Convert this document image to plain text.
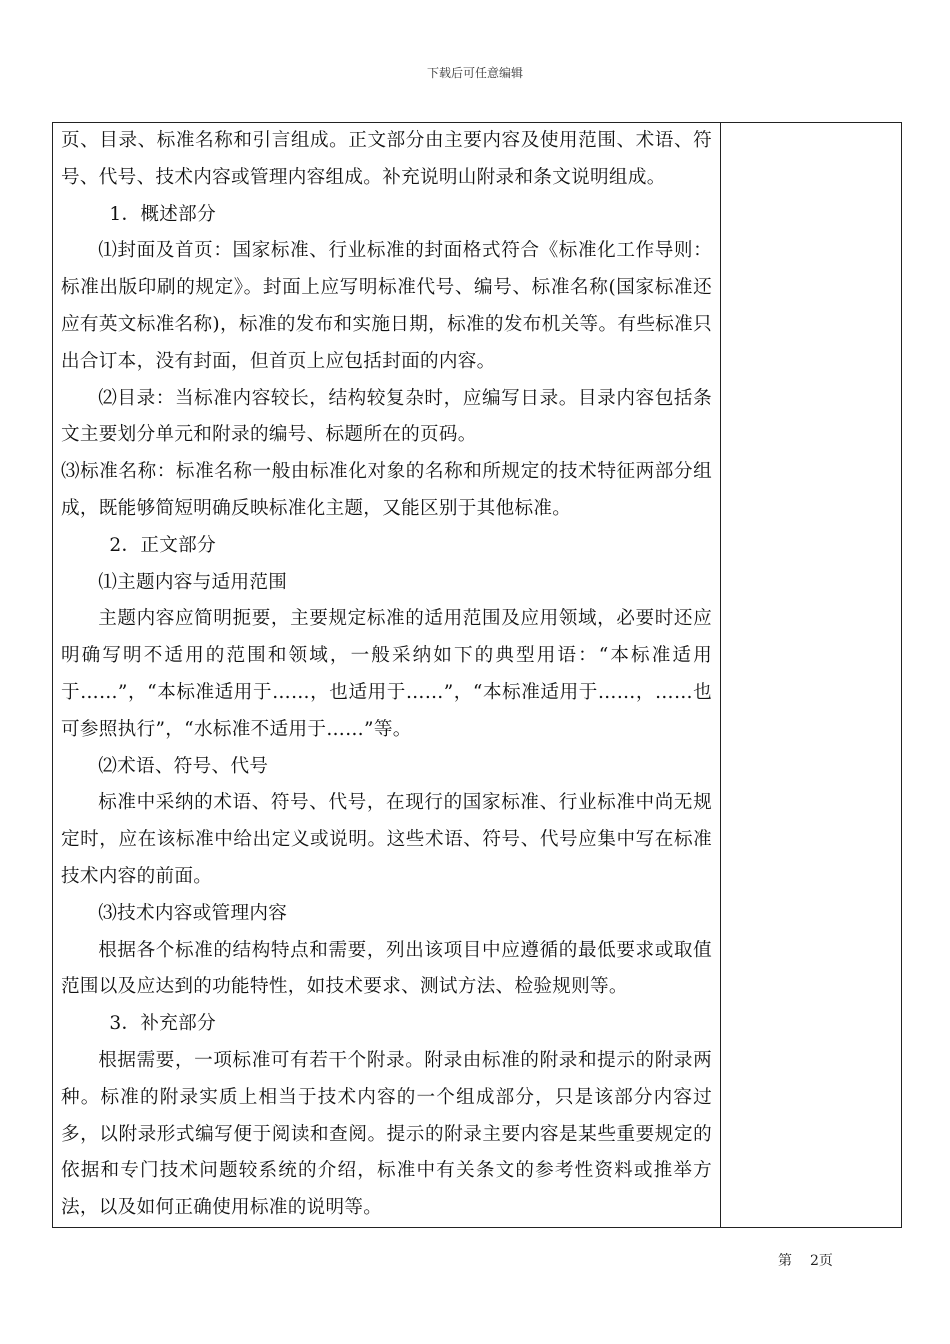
下载后可任意编辑

页、目录、标准名称和引言组成。正文部分由主要内容及使用范围、术语、符号、代号、技术内容或管理内容组成。补充说明山附录和条文说明组成。

1．概述部分

⑴封面及首页：国家标准、行业标准的封面格式符合《标准化工作导则：标准出版印刷的规定》。封面上应写明标准代号、编号、标准名称(国家标准还应有英文标准名称)，标准的发布和实施日期，标准的发布机关等。有些标准只出合订本，没有封面，但首页上应包括封面的内容。

⑵目录：当标准内容较长，结构较复杂时，应编写日录。目录内容包括条文主要划分单元和附录的编号、标题所在的页码。

⑶标准名称：标准名称一般由标准化对象的名称和所规定的技术特征两部分组成，既能够简短明确反映标准化主题，又能区别于其他标准。

2．正文部分

⑴主题内容与适用范围

主题内容应简明扼要，主要规定标准的适用范围及应用领域，必要时还应明确写明不适用的范围和领域，一般采纳如下的典型用语：“本标准适用于……”，“本标准适用于……，也适用于……”，“本标准适用于……，……也可参照执行”，“水标准不适用于……”等。

⑵术语、符号、代号

标准中采纳的术语、符号、代号，在现行的国家标准、行业标准中尚无规定时，应在该标准中给出定义或说明。这些术语、符号、代号应集中写在标准技术内容的前面。

⑶技术内容或管理内容

根据各个标准的结构特点和需要，列出该项目中应遵循的最低要求或取值范围以及应达到的功能特性，如技术要求、测试方法、检验规则等。

3．补充部分

根据需要，一项标准可有若干个附录。附录由标准的附录和提示的附录两种。标准的附录实质上相当于技术内容的一个组成部分，只是该部分内容过多，以附录形式编写便于阅读和查阅。提示的附录主要内容是某些重要规定的依据和专门技术问题较系统的介绍，标准中有关条文的参考性资料或推举方法，以及如何正确使用标准的说明等。

第 2页
